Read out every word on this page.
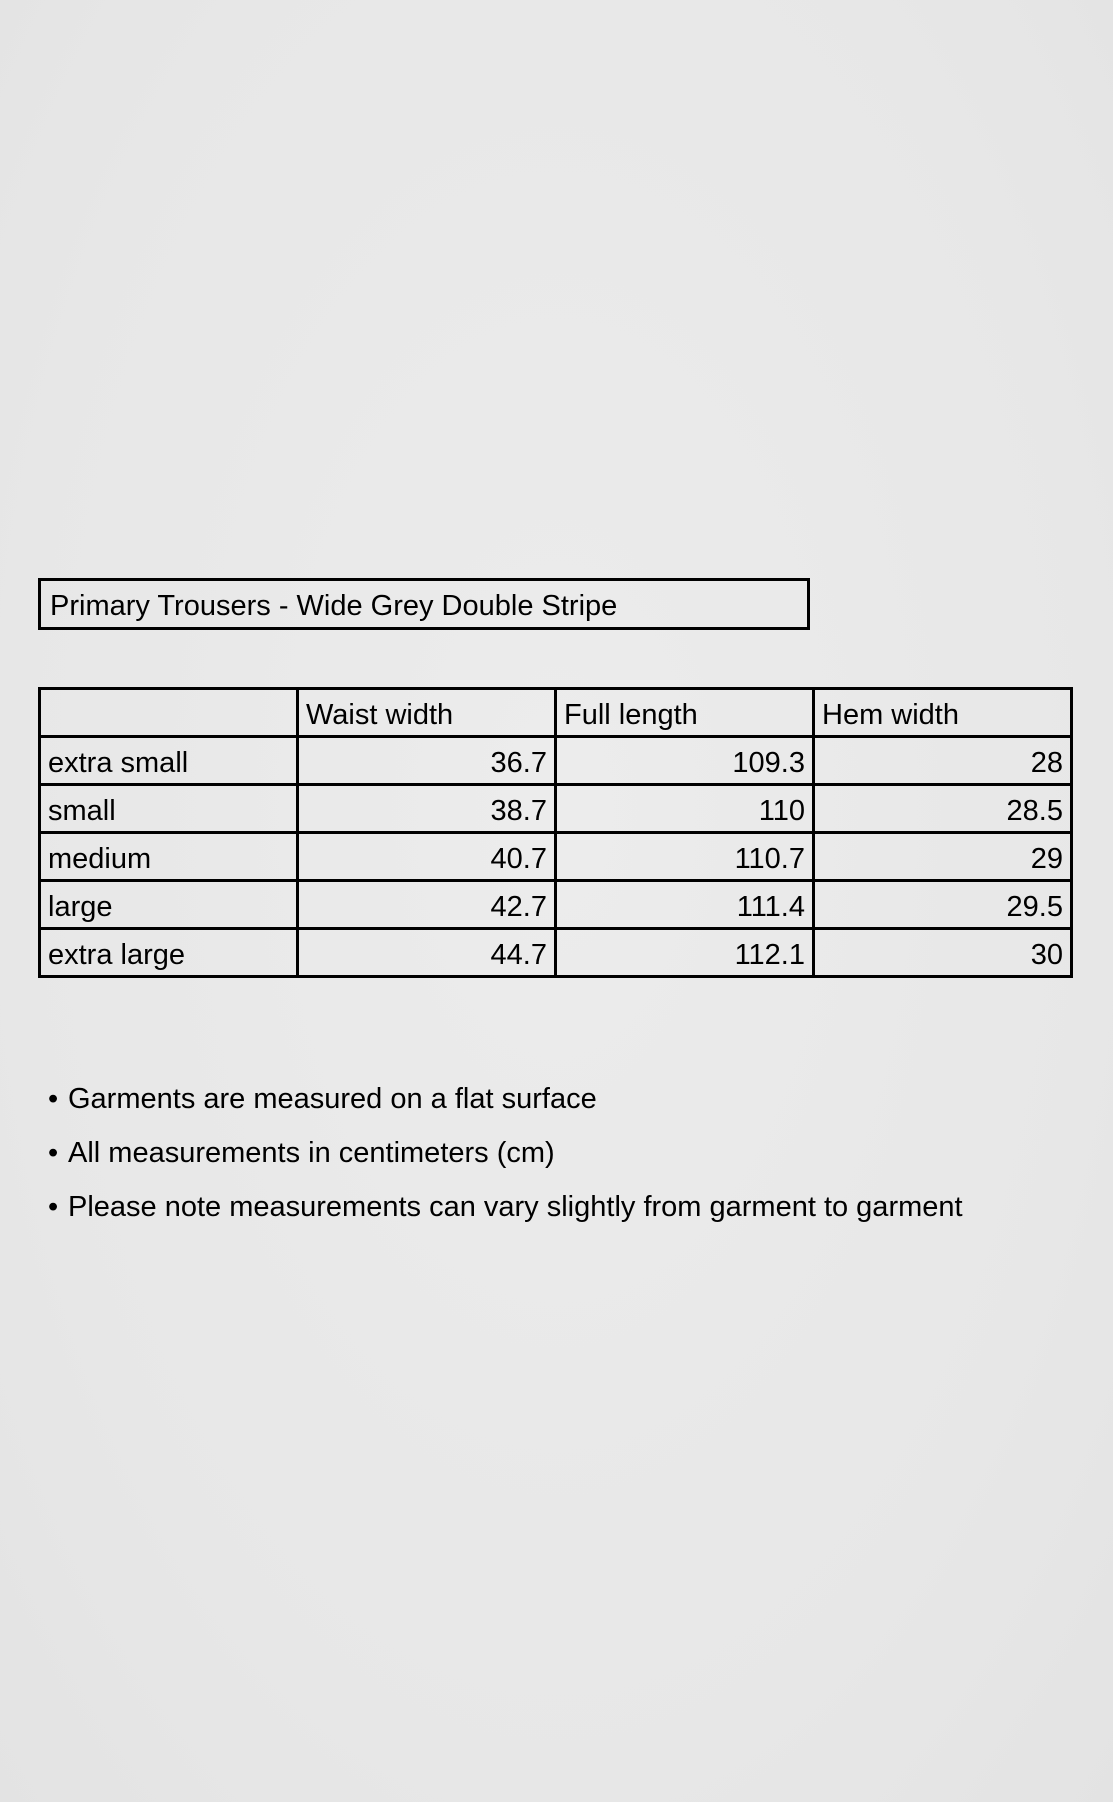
Primary Trousers - Wide Grey Double Stripe
	Waist width	Full length	Hem width
extra small	36.7	109.3	28
small	38.7	110	28.5
medium	40.7	110.7	29
large	42.7	111.4	29.5
extra large	44.7	112.1	30
• Garments are measured on a flat surface
• All measurements in centimeters (cm)
• Please note measurements can vary slightly from garment to garment
